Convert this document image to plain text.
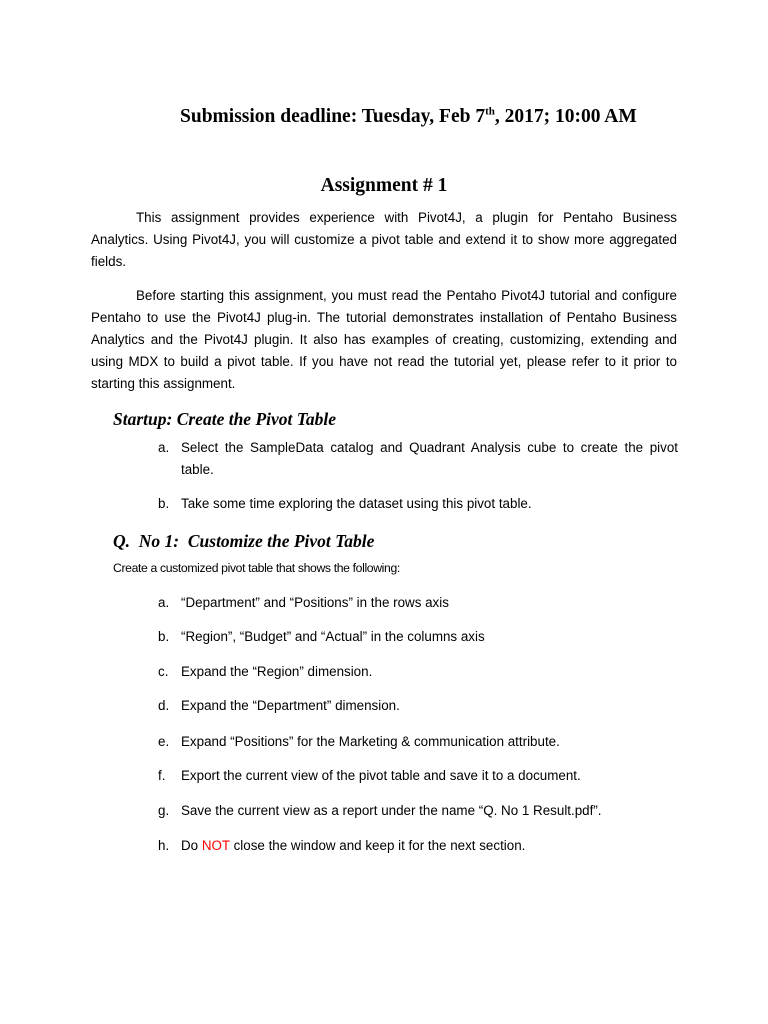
Submission deadline: Tuesday, Feb 7th, 2017; 10:00 AM
Assignment # 1

This assignment provides experience with Pivot4J, a plugin for Pentaho Business Analytics. Using Pivot4J, you will customize a pivot table and extend it to show more aggregated fields.

Before starting this assignment, you must read the Pentaho Pivot4J tutorial and configure Pentaho to use the Pivot4J plug-in. The tutorial demonstrates installation of Pentaho Business Analytics and the Pivot4J plugin. It also has examples of creating, customizing, extending and using MDX to build a pivot table. If you have not read the tutorial yet, please refer to it prior to starting this assignment.

Startup: Create the Pivot Table
a. Select the SampleData catalog and Quadrant Analysis cube to create the pivot table.
b. Take some time exploring the dataset using this pivot table.
Q.  No 1:  Customize the Pivot Table
Create a customized pivot table that shows the following:
a. “Department” and “Positions” in the rows axis
b. “Region”, “Budget” and “Actual” in the columns axis
c. Expand the “Region” dimension.
d. Expand the “Department” dimension.
e. Expand “Positions” for the Marketing & communication attribute.
f.	Export the current view of the pivot table and save it to a document.
g. Save the current view as a report under the name “Q. No 1 Result.pdf”.
h. Do NOT close the window and keep it for the next section.
